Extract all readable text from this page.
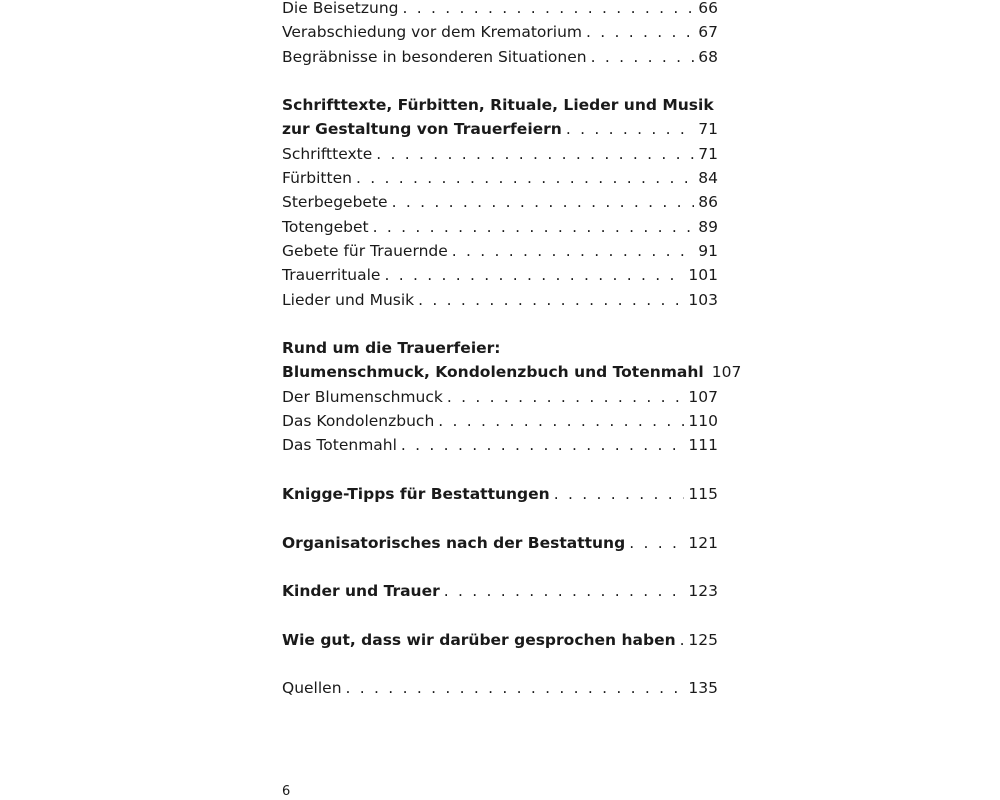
Die Beisetzung . . .	66
Verabschiedung vor dem Krematorium . . .	67
Begräbnisse in besonderen Situationen . . .	68
Schrifttexte, Fürbitten, Rituale, Lieder und Musik
zur Gestaltung von Trauerfeiern . . .	71
Schrifttexte . . .	71
Fürbitten . . .	84
Sterbegebete . . .	86
Totengebet . . .	89
Gebete für Trauernde . . .	91
Trauerrituale . . .	101
Lieder und Musik . . .	103
Rund um die Trauerfeier:
Blumenschmuck, Kondolenzbuch und Totenmahl 107
Der Blumenschmuck . . .	107
Das Kondolenzbuch . . .	110
Das Totenmahl . . .	111
Knigge-Tipps für Bestattungen . . .	115
Organisatorisches nach der Bestattung . . .	121
Kinder und Trauer . . .	123
Wie gut, dass wir darüber gesprochen haben . . . 125
Quellen . . .	135
6
